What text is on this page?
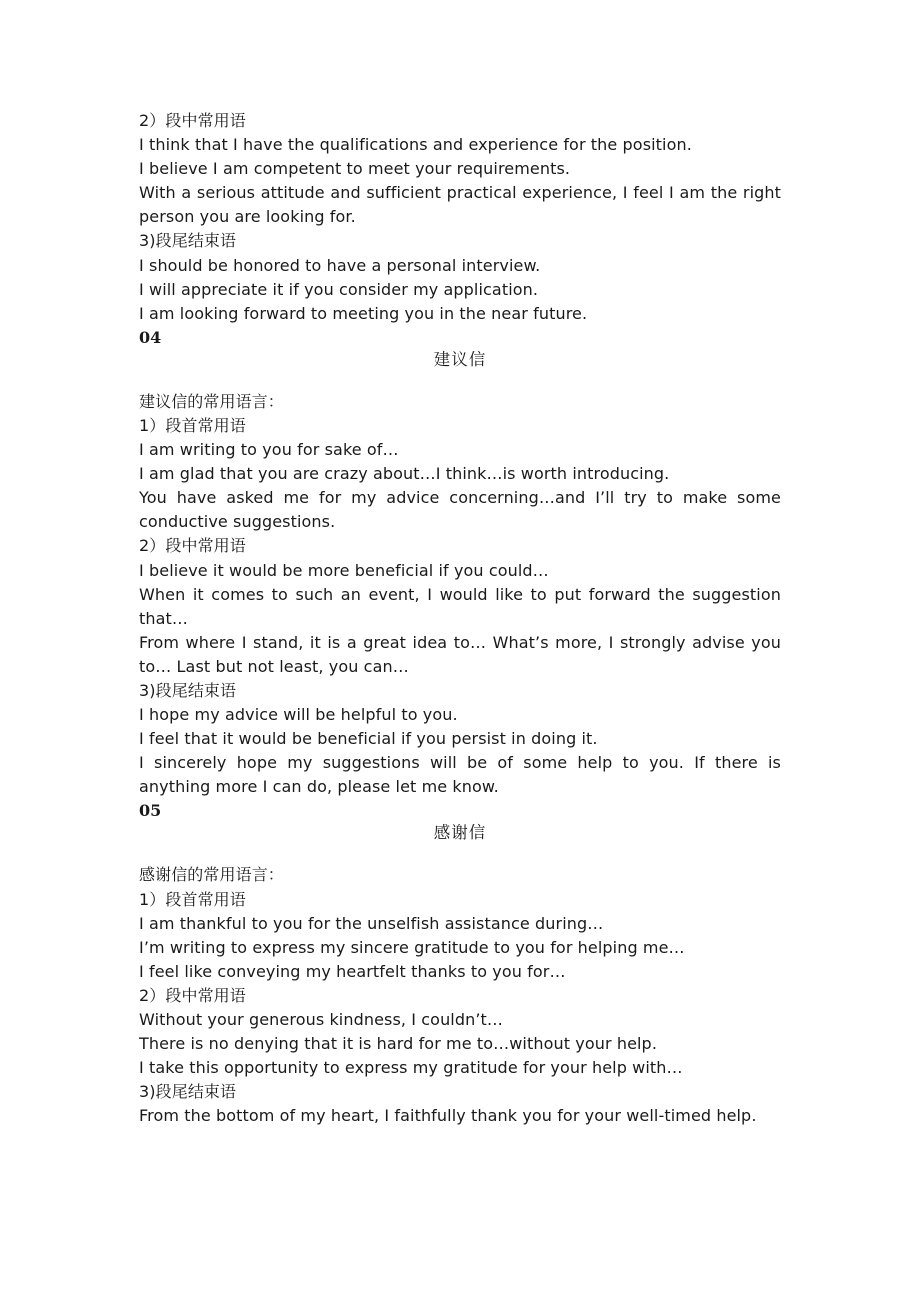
2）段中常用语
I think that I have the qualifications and experience for the position.
I believe I am competent to meet your requirements.
With a serious attitude and sufficient practical experience, I feel I am the right person you are looking for.
3)段尾结束语
I should be honored to have a personal interview.
I will appreciate it if you consider my application.
I am looking forward to meeting you in the near future.
04
建议信
建议信的常用语言：
1）段首常用语
I am writing to you for sake of…
I am glad that you are crazy about…I think…is worth introducing.
You have asked me for my advice concerning…and I’ll try to make some conductive suggestions.
2）段中常用语
I believe it would be more beneficial if you could…
When it comes to such an event, I would like to put forward the suggestion that…
From where I stand, it is a great idea to… What’s more, I strongly advise you to… Last but not least, you can…
3)段尾结束语
I hope my advice will be helpful to you.
I feel that it would be beneficial if you persist in doing it.
I sincerely hope my suggestions will be of some help to you. If there is anything more I can do, please let me know.
05
感谢信
感谢信的常用语言：
1）段首常用语
I am thankful to you for the unselfish assistance during…
I’m writing to express my sincere gratitude to you for helping me…
I feel like conveying my heartfelt thanks to you for…
2）段中常用语
Without your generous kindness, I couldn’t…
There is no denying that it is hard for me to…without your help.
I take this opportunity to express my gratitude for your help with…
3)段尾结束语
From the bottom of my heart, I faithfully thank you for your well-timed help.
